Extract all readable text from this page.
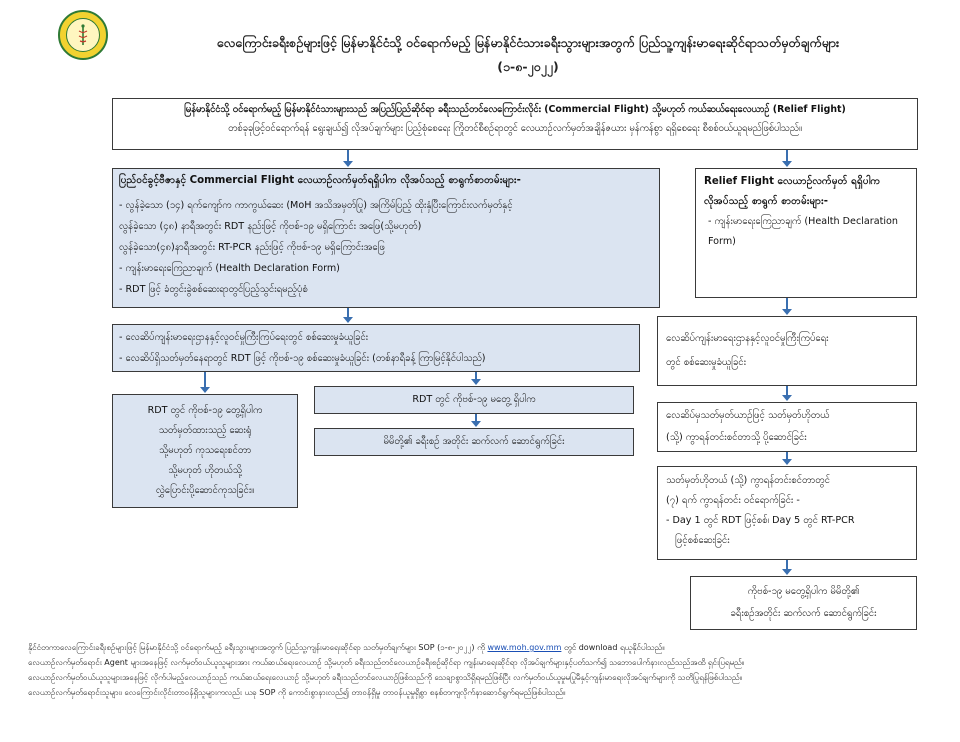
လေကြောင်းခရီးစဉ်များဖြင့် မြန်မာနိုင်ငံသို့ ဝင်ရောက်မည့် မြန်မာနိုင်ငံသားခရီးသွားများအတွက် ပြည်သူ့ကျန်းမာရေးဆိုင်ရာသတ်မှတ်ချက်များ
(၁-၈-၂၀၂၂)
မြန်မာနိုင်ငံသို့ ဝင်ရောက်မည့် မြန်မာနိုင်ငံသားများသည် အပြည်ပြည်ဆိုင်ရာ ခရီးသည်တင်လေကြောင်းလိုင်း (Commercial Flight) သို့မဟုတ် ကယ်ဆယ်ရေးလေယာဉ် (Relief Flight)
တစ်ခုခုဖြင့်ဝင်ရောက်ရန် ရွေးချယ်၍ လိုအပ်ချက်များ ပြည့်စုံစေရေး ကြိုတင်စီစဉ်ရာတွင် လေယာဉ်လက်မှတ်အချိန်ဇယား မှန်ကန်စွာ ရရှိစေရေး စီစစ်ဝယ်ယူရမည်ဖြစ်ပါသည်။
ပြည်ဝင်ခွင့်ဗီဇာနှင့် Commercial Flight လေယာဉ်လက်မှတ်ရရှိပါက လိုအပ်သည့် စာရွက်စာတမ်းများ-
- လွန်ခဲ့သော (၁၄) ရက်ကျော်က ကာကွယ်ဆေး (MoH အသိအမှတ်ပြု) အကြိမ်ပြည့် ထိုးနှံပြီးကြောင်းလက်မှတ်နှင့်
လွန်ခဲ့သော (၄၈) နာရီအတွင်း RDT နည်းဖြင့် ကိုဗစ်-၁၉ မရှိကြောင်း အဖြေ(သို့မဟုတ်)
လွန်ခဲ့သော(၄၈)နာရီအတွင်း RT-PCR နည်းဖြင့် ကိုဗစ်-၁၉ မရှိကြောင်းအဖြေ
- ကျန်းမာရေးကြေညာချက် (Health Declaration Form)
- RDT ဖြင့် ခံတွင်းခွဲစစ်ဆေးရာတွင်ပြည့်သွင်းရမည့်ပုံစံ
Relief Flight လေယာဉ်လက်မှတ် ရရှိပါက လိုအပ်သည့် စာရွက် စာတမ်းများ-
- ကျန်းမာရေးကြေညာချက် (Health Declaration Form)
- လေဆိပ်ကျန်းမာရေးဌာနနှင့်လူဝင်မှုကြီးကြပ်ရေးတွင် စစ်ဆေးမှုခံယူခြင်း
- လေဆိပ်ရှိသတ်မှတ်နေရာတွင် RDT ဖြင့် ကိုဗစ်-၁၉ စစ်ဆေးမှုခံယူခြင်း (တစ်နာရီခန့် ကြာမြင့်နိုင်ပါသည်)
လေဆိပ်ကျန်းမာရေးဌာနနှင့်လူဝင်မှုကြီးကြပ်ရေး
တွင် စစ်ဆေးမှုခံယူခြင်း
RDT တွင် ကိုဗစ်-၁၉ တွေ့ရှိပါက
သတ်မှတ်ထားသည့် ဆေးရုံ
သို့မဟုတ် ကုသရေးစင်တာ
သို့မဟုတ် ဟိုတယ်သို့
လွှဲပြောင်းပို့ဆောင်ကုသခြင်း။
RDT တွင် ကိုဗစ်-၁၉ မတွေ့ ရှိပါက
မိမိတို့၏ ခရီးစဉ် အတိုင်း ဆက်လက် ဆောင်ရွက်ခြင်း
လေဆိပ်မှသတ်မှတ်ယာဉ်ဖြင့် သတ်မှတ်ဟိုတယ်
(သို့) ကွာရန်တင်းစင်တာသို့ ပို့ဆောင်ခြင်း
သတ်မှတ်ဟိုတယ် (သို့) ကွာရန်တင်းစင်တာတွင်
(၇) ရက် ကွာရန်တင်း ဝင်ရောက်ခြင်း -
- Day 1 တွင် RDT ဖြင့်စစ်၊ Day 5 တွင် RT-PCR
ဖြင့်စစ်ဆေးခြင်း
ကိုဗစ်-၁၉ မတွေ့ရှိပါက မိမိတို့၏
ခရီးစဉ်အတိုင်း ဆက်လက် ဆောင်ရွက်ခြင်း
နိုင်ငံတကာလေကြောင်းခရီးစဉ်များဖြင့် မြန်မာနိုင်ငံသို့ ဝင်ရောက်မည့် ခရီးသွားများအတွက် ပြည်သူ့ကျန်းမာရေးဆိုင်ရာ သတ်မှတ်ချက်များ SOP (၁-၈-၂၀၂၂) ကို www.moh.gov.mm တွင် download ရယူနိုင်ပါသည်။
လေယာဉ်လက်မှတ်ရောင်း Agent များအနေဖြင့် လက်မှတ်ဝယ်ယူသူများအား ကယ်ဆယ်ရေးလေယာဉ် သို့မဟုတ် ခရီးသည်တင်လေယာဉ်ခရီးစဉ်ဆိုင်ရာ ကျန်းမာရေးဆိုင်ရာ လိုအပ်ချက်များနှင့်ပတ်သက်၍ သဘောပေါက်နားလည်သည်အထိ ရှင်းပြရမည်။
လေယာဉ်လက်မှတ်ဝယ်ယူသူများအနေဖြင့် လိုက်ပါမည့်လေယာဉ်သည် ကယ်ဆယ်ရေးလေယာဉ် သို့မဟုတ် ခရီးသည်တင်လေယာဉ်ဖြစ်သည်ကို သေချာစွာသိရှိရမည်ဖြစ်ပြီး လက်မှတ်ဝယ်ယူမှုမပြုမီနှင့်ကျန်းမာရေးလိုအပ်ချက်များကို သတိပြုရန်ဖြစ်ပါသည်။
လေယာဉ်လက်မှတ်ရောင်းသူများ၊ လေကြောင်းလိုင်းတာဝန်ရှိသူများကလည်း ယခု SOP ကို ကောင်းစွာနားလည်၍ တာဝန်ရှိမှု တာဝန်ယူမှုရှိစွာ စနစ်တကျလိုက်နာဆောင်ရွက်ရမည်ဖြစ်ပါသည်။
